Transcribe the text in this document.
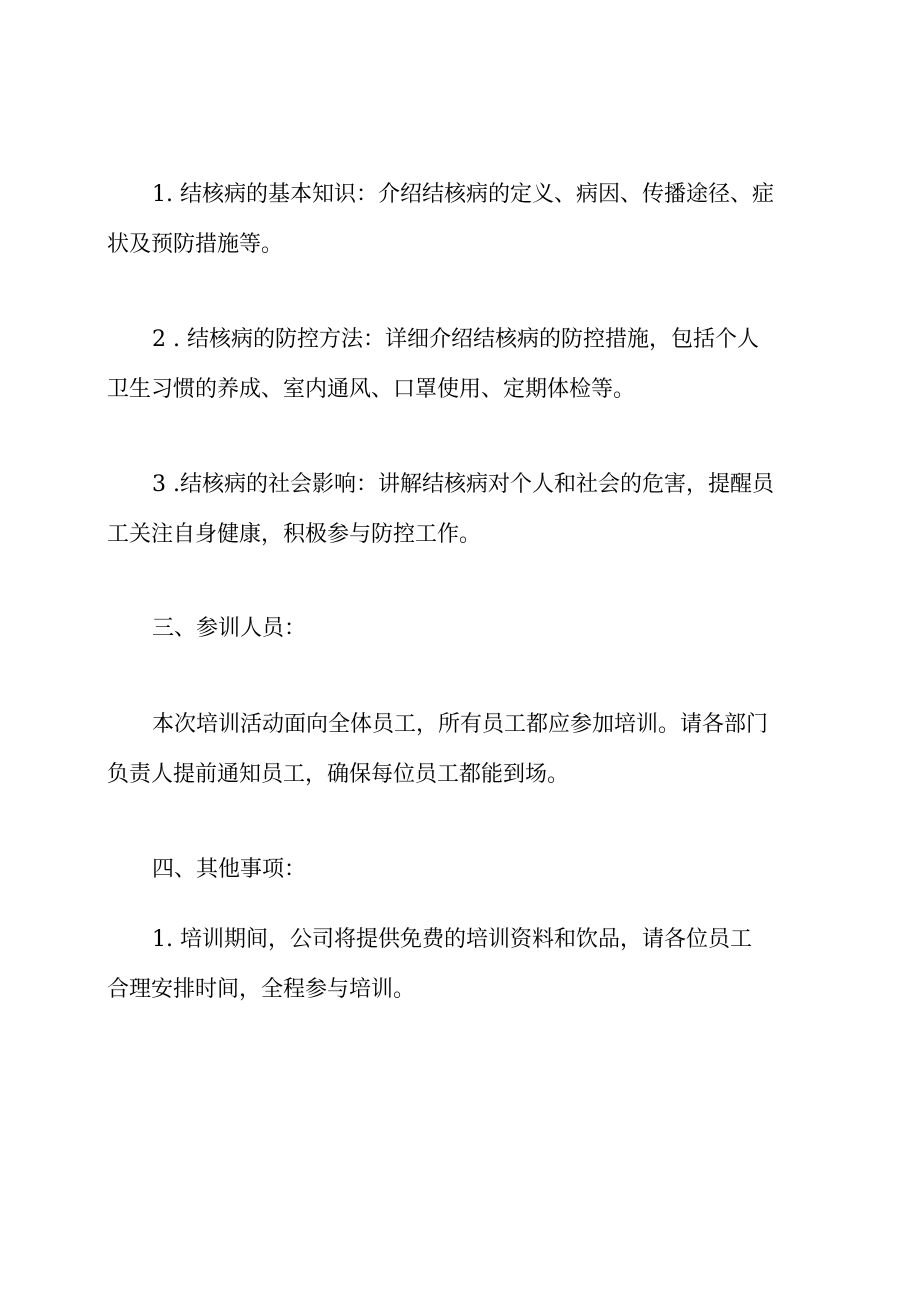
1. 结核病的基本知识：介绍结核病的定义、病因、传播途径、症
状及预防措施等。
2 . 结核病的防控方法：详细介绍结核病的防控措施，包括个人
卫生习惯的养成、室内通风、口罩使用、定期体检等。
3 .结核病的社会影响：讲解结核病对个人和社会的危害，提醒员
工关注自身健康，积极参与防控工作。
三、参训人员：
本次培训活动面向全体员工，所有员工都应参加培训。请各部门
负责人提前通知员工，确保每位员工都能到场。
四、其他事项：
1. 培训期间，公司将提供免费的培训资料和饮品，请各位员工
合理安排时间，全程参与培训。
